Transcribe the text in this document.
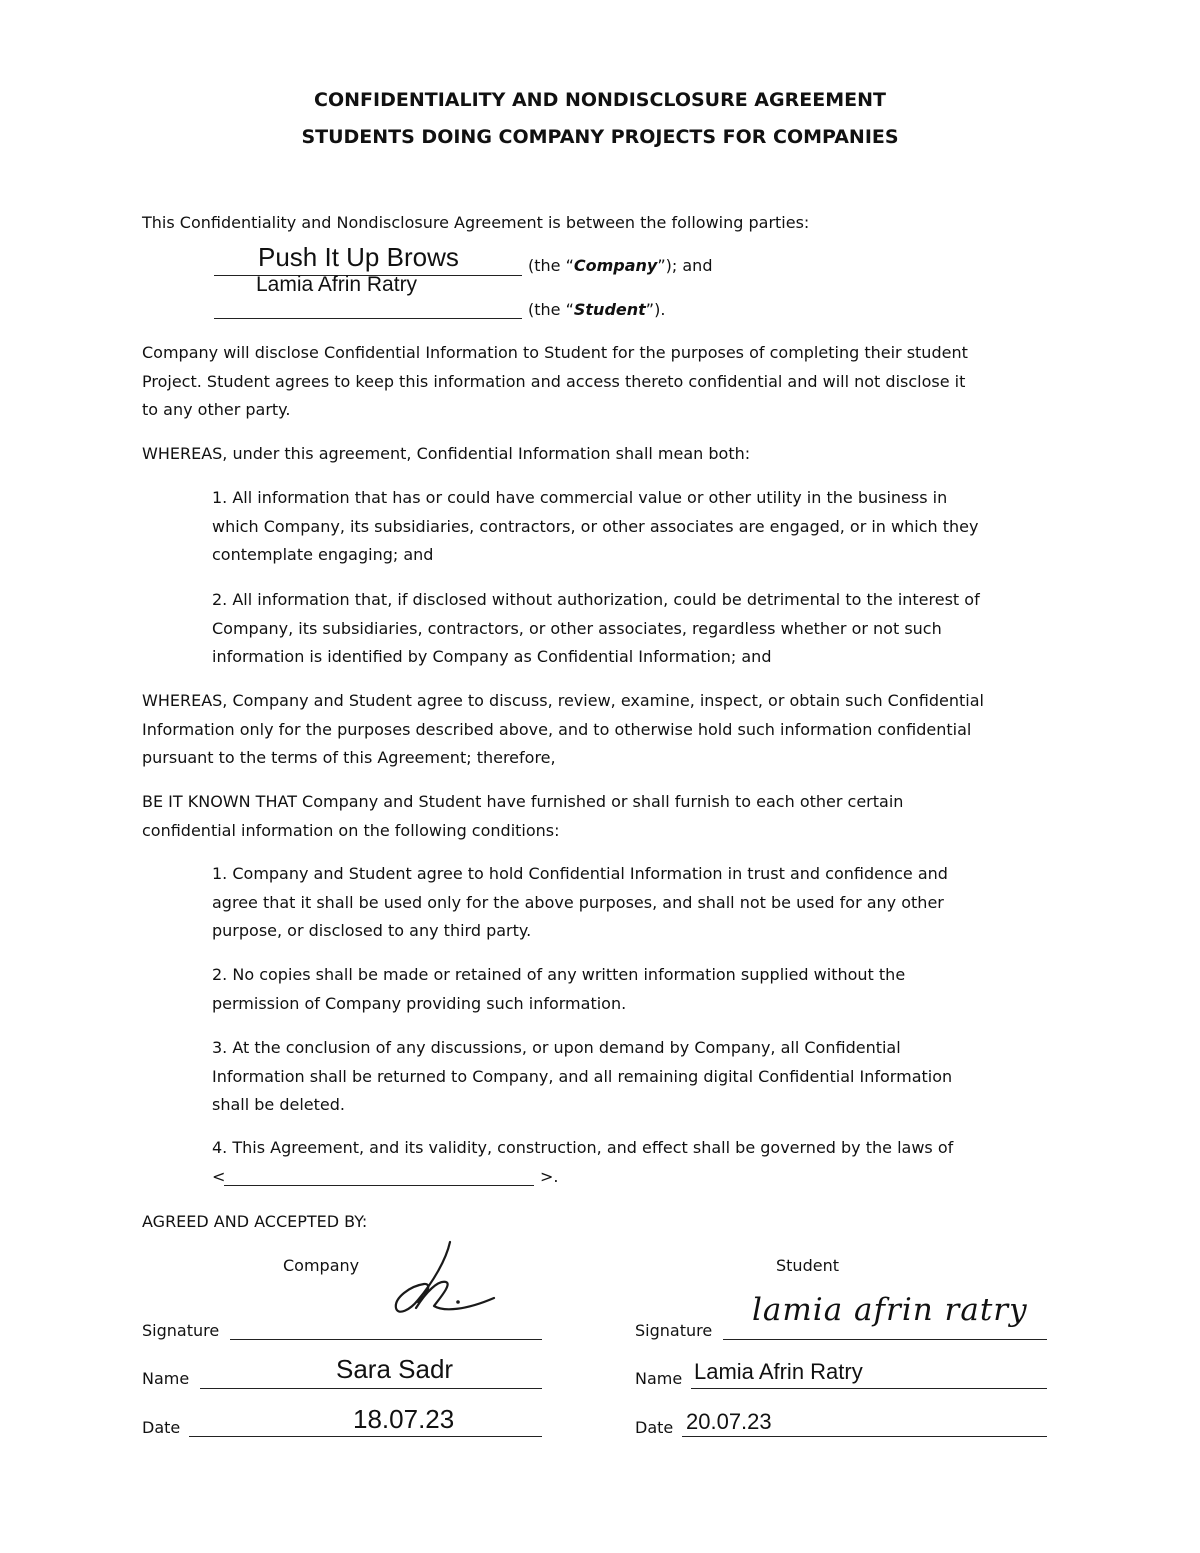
CONFIDENTIALITY AND NONDISCLOSURE AGREEMENT
STUDENTS DOING COMPANY PROJECTS FOR COMPANIES
This Confidentiality and Nondisclosure Agreement is between the following parties:
Push It Up Brows	(the “Company”); and
Lamia Afrin Ratry
(the “Student”).
Company will disclose Confidential Information to Student for the purposes of completing their student
Project. Student agrees to keep this information and access thereto confidential and will not disclose it
to any other party.
WHEREAS, under this agreement, Confidential Information shall mean both:
1. All information that has or could have commercial value or other utility in the business in
which Company, its subsidiaries, contractors, or other associates are engaged, or in which they
contemplate engaging; and
2. All information that, if disclosed without authorization, could be detrimental to the interest of
Company, its subsidiaries, contractors, or other associates, regardless whether or not such
information is identified by Company as Confidential Information; and
WHEREAS, Company and Student agree to discuss, review, examine, inspect, or obtain such Confidential
Information only for the purposes described above, and to otherwise hold such information confidential
pursuant to the terms of this Agreement; therefore,
BE IT KNOWN THAT Company and Student have furnished or shall furnish to each other certain
confidential information on the following conditions:
1. Company and Student agree to hold Confidential Information in trust and confidence and
agree that it shall be used only for the above purposes, and shall not be used for any other
purpose, or disclosed to any third party.
2. No copies shall be made or retained of any written information supplied without the
permission of Company providing such information.
3. At the conclusion of any discussions, or upon demand by Company, all Confidential
Information shall be returned to Company, and all remaining digital Confidential Information
shall be deleted.
4. This Agreement, and its validity, construction, and effect shall be governed by the laws of
<	>.
AGREED AND ACCEPTED BY:
Company
Signature
Name	Sara Sadr
Date	18.07.23
Student
Signature
lamia afrin ratry
Name Lamia Afrin Ratry
Date 20.07.23
